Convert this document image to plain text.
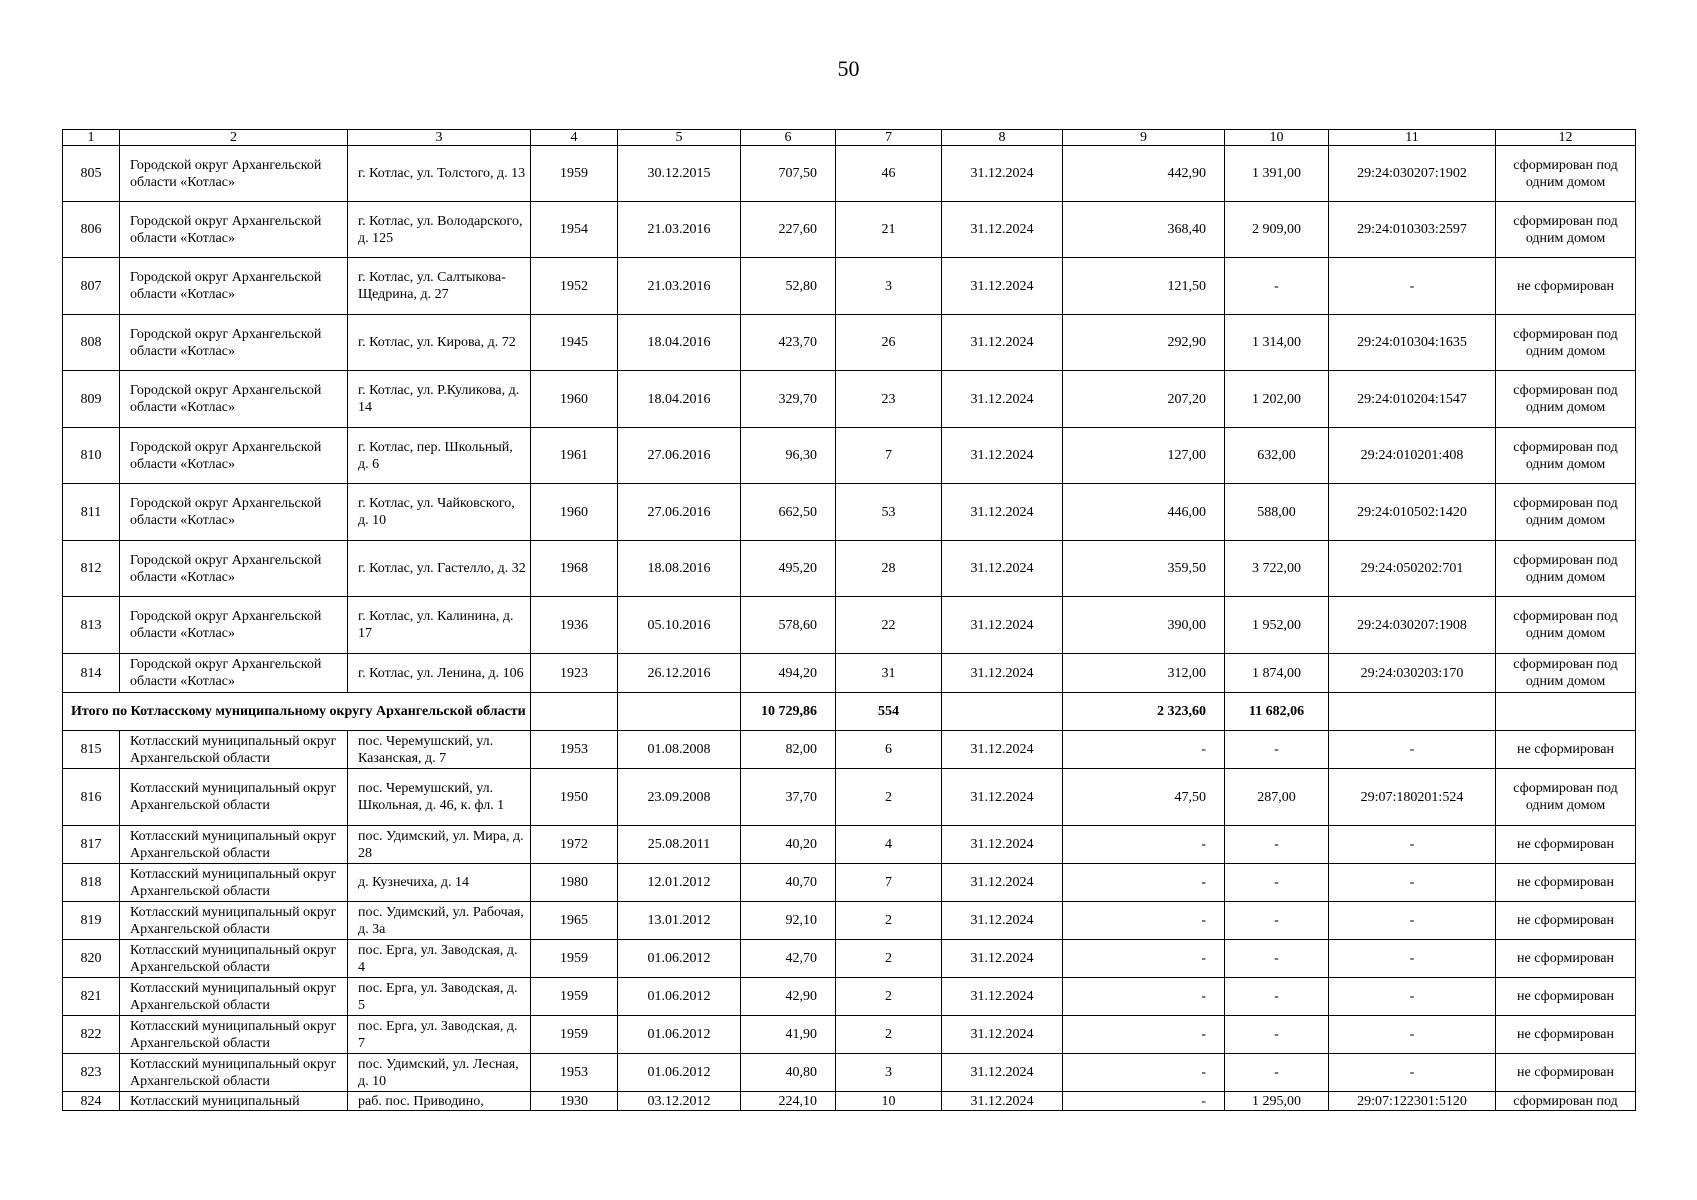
50
1	2	3	4	5	6	7	8	9	10	11	12
805	Городской округ Архангельской области «Котлас»	г. Котлас, ул. Толстого, д. 13	1959	30.12.2015	707,50	46	31.12.2024	442,90	1 391,00	29:24:030207:1902	сформирован под одним домом
806	Городской округ Архангельской области «Котлас»	г. Котлас, ул. Володарского, д. 125	1954	21.03.2016	227,60	21	31.12.2024	368,40	2 909,00	29:24:010303:2597	сформирован под одним домом
807	Городской округ Архангельской области «Котлас»	г. Котлас, ул. Салтыкова-Щедрина, д. 27	1952	21.03.2016	52,80	3	31.12.2024	121,50	-	-	не сформирован
808	Городской округ Архангельской области «Котлас»	г. Котлас, ул. Кирова, д. 72	1945	18.04.2016	423,70	26	31.12.2024	292,90	1 314,00	29:24:010304:1635	сформирован под одним домом
809	Городской округ Архангельской области «Котлас»	г. Котлас, ул. Р.Куликова, д. 14	1960	18.04.2016	329,70	23	31.12.2024	207,20	1 202,00	29:24:010204:1547	сформирован под одним домом
810	Городской округ Архангельской области «Котлас»	г. Котлас, пер. Школьный, д. 6	1961	27.06.2016	96,30	7	31.12.2024	127,00	632,00	29:24:010201:408	сформирован под одним домом
811	Городской округ Архангельской области «Котлас»	г. Котлас, ул. Чайковского, д. 10	1960	27.06.2016	662,50	53	31.12.2024	446,00	588,00	29:24:010502:1420	сформирован под одним домом
812	Городской округ Архангельской области «Котлас»	г. Котлас, ул. Гастелло, д. 32	1968	18.08.2016	495,20	28	31.12.2024	359,50	3 722,00	29:24:050202:701	сформирован под одним домом
813	Городской округ Архангельской области «Котлас»	г. Котлас, ул. Калинина, д. 17	1936	05.10.2016	578,60	22	31.12.2024	390,00	1 952,00	29:24:030207:1908	сформирован под одним домом
814	Городской округ Архангельской области «Котлас»	г. Котлас, ул. Ленина, д. 106	1923	26.12.2016	494,20	31	31.12.2024	312,00	1 874,00	29:24:030203:170	сформирован под одним домом
Итого по Котласскому муниципальному округу Архангельской области					10 729,86	554		2 323,60	11 682,06		
815	Котласский муниципальный округ Архангельской области	пос. Черемушский, ул. Казанская, д. 7	1953	01.08.2008	82,00	6	31.12.2024	-	-	-	не сформирован
816	Котласский муниципальный округ Архангельской области	пос. Черемушский, ул. Школьная, д. 46, к. фл. 1	1950	23.09.2008	37,70	2	31.12.2024	47,50	287,00	29:07:180201:524	сформирован под одним домом
817	Котласский муниципальный округ Архангельской области	пос. Удимский, ул. Мира, д. 28	1972	25.08.2011	40,20	4	31.12.2024	-	-	-	не сформирован
818	Котласский муниципальный округ Архангельской области	д. Кузнечиха, д. 14	1980	12.01.2012	40,70	7	31.12.2024	-	-	-	не сформирован
819	Котласский муниципальный округ Архангельской области	пос. Удимский, ул. Рабочая, д. 3а	1965	13.01.2012	92,10	2	31.12.2024	-	-	-	не сформирован
820	Котласский муниципальный округ Архангельской области	пос. Ерга, ул. Заводская, д. 4	1959	01.06.2012	42,70	2	31.12.2024	-	-	-	не сформирован
821	Котласский муниципальный округ Архангельской области	пос. Ерга, ул. Заводская, д. 5	1959	01.06.2012	42,90	2	31.12.2024	-	-	-	не сформирован
822	Котласский муниципальный округ Архангельской области	пос. Ерга, ул. Заводская, д. 7	1959	01.06.2012	41,90	2	31.12.2024	-	-	-	не сформирован
823	Котласский муниципальный округ Архангельской области	пос. Удимский, ул. Лесная, д. 10	1953	01.06.2012	40,80	3	31.12.2024	-	-	-	не сформирован
824	Котласский муниципальный	раб. пос. Приводино,	1930	03.12.2012	224,10	10	31.12.2024	-	1 295,00	29:07:122301:5120	сформирован под
